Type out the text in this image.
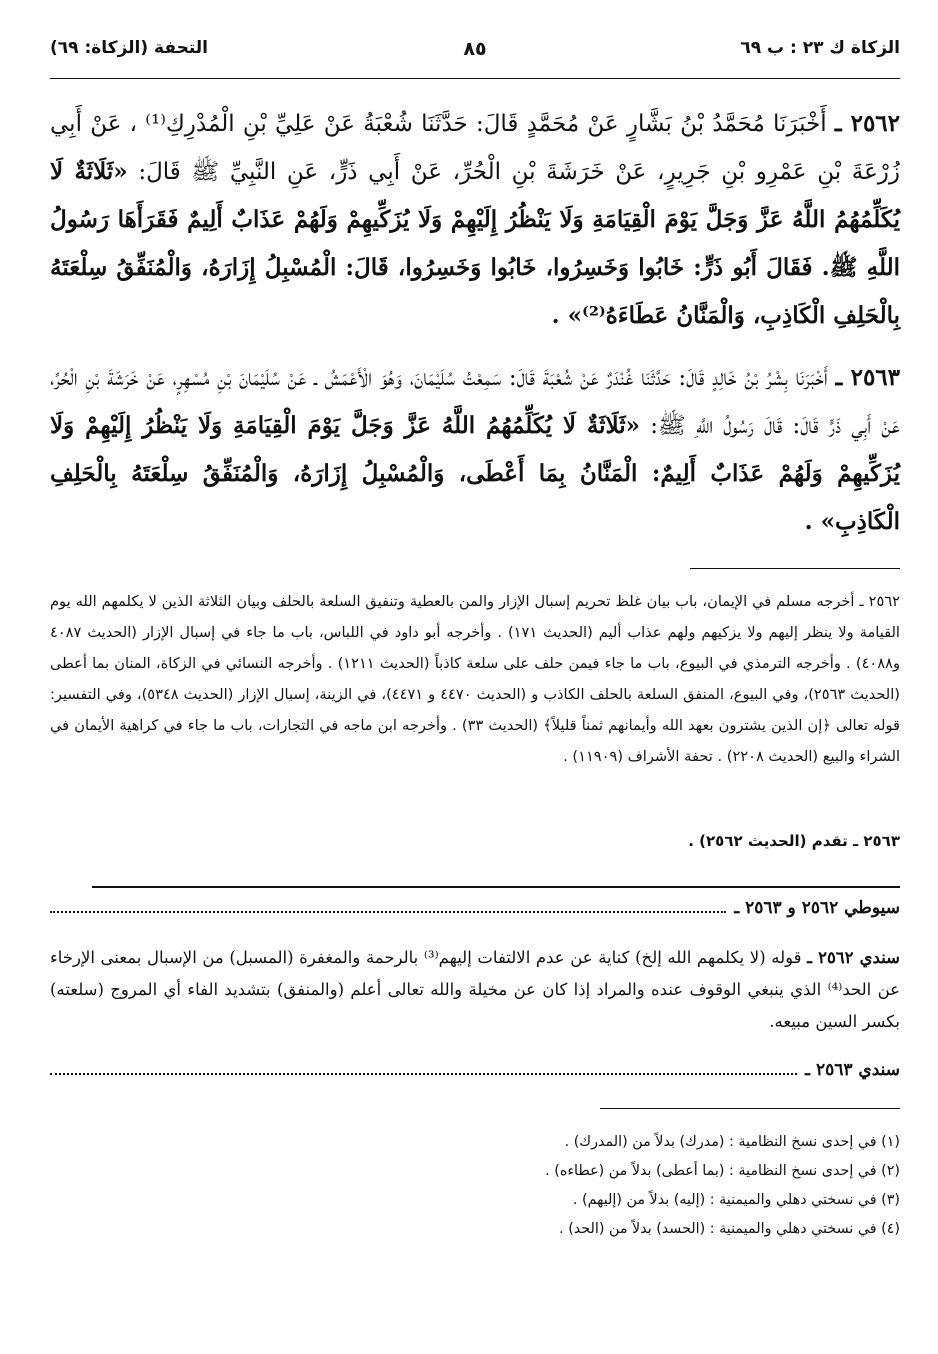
الزكاة ك ٢٣ : ب ٦٩
٨٥
التحفة (الزكاة: ٦٩)

٢٥٦٢ ـ أَخْبَرَنَا مُحَمَّدُ بْنُ بَشَّارٍ عَنْ مُحَمَّدٍ قَالَ: حَدَّثَنَا شُعْبَةُ عَنْ عَلِيِّ بْنِ الْمُدْرِكِ⁽¹⁾ ، عَنْ أَبِي زُرْعَةَ بْنِ عَمْرِو بْنِ جَرِيرٍ، عَنْ خَرَشَةَ بْنِ الْحُرِّ، عَنْ أَبِي ذَرٍّ، عَنِ النَّبِيِّ ﷺ قَالَ: «ثَلَاثَةٌ لَا يُكَلِّمُهُمُ اللَّهُ عَزَّ وَجَلَّ يَوْمَ الْقِيَامَةِ وَلَا يَنْظُرُ إِلَيْهِمْ وَلَا يُزَكِّيهِمْ وَلَهُمْ عَذَابٌ أَلِيمٌ فَقَرَأَهَا رَسُولُ اللَّهِ ﷺ. فَقَالَ أَبُو ذَرٍّ: خَابُوا وَخَسِرُوا، خَابُوا وَخَسِرُوا، قَالَ: الْمُسْبِلُ إِزَارَهُ، وَالْمُنَفِّقُ سِلْعَتَهُ بِالْحَلِفِ الْكَاذِبِ، وَالْمَنَّانُ عَطَاءَهُ⁽²⁾» .

٢٥٦٣ ـ أَخْبَرَنَا بِشْرُ بْنُ خَالِدٍ قَالَ: حَدَّثَنَا غُنْدَرٌ عَنْ شُعْبَةَ قَالَ: سَمِعْتُ سُلَيْمَانَ، وَهُوَ الْأَعْمَشُ ـ عَنْ سُلَيْمَانَ بْنِ مُسْهِرٍ، عَنْ خَرَشَةَ بْنِ الْحُرِّ، عَنْ أَبِي ذَرٍّ قَالَ: قَالَ رَسُولُ اللَّهِ ﷺ: «ثَلَاثَةٌ لَا يُكَلِّمُهُمُ اللَّهُ عَزَّ وَجَلَّ يَوْمَ الْقِيَامَةِ وَلَا يَنْظُرُ إِلَيْهِمْ وَلَا يُزَكِّيهِمْ وَلَهُمْ عَذَابٌ أَلِيمٌ: الْمَنَّانُ بِمَا أَعْطَى، وَالْمُسْبِلُ إِزَارَهُ، وَالْمُنَفِّقُ سِلْعَتَهُ بِالْحَلِفِ الْكَاذِبِ» .

٢٥٦٢ ـ أخرجه مسلم في الإيمان، باب بيان غلظ تحريم إسبال الإزار والمن بالعطية وتنفيق السلعة بالحلف وبيان الثلاثة الذين لا يكلمهم الله يوم القيامة ولا ينظر إليهم ولا يزكيهم ولهم عذاب أليم (الحديث ١٧١) . وأخرجه أبو داود في اللباس، باب ما جاء في إسبال الإزار (الحديث ٤٠٨٧ و٤٠٨٨) . وأخرجه الترمذي في البيوع، باب ما جاء فيمن حلف على سلعة كاذباً (الحديث ١٢١١) . وأخرجه النسائي في الزكاة، المنان بما أعطى (الحديث ٢٥٦٣)، وفي البيوع، المنفق السلعة بالحلف الكاذب و (الحديث ٤٤٧٠ و ٤٤٧١)، في الزينة، إسبال الإزار (الحديث ٥٣٤٨)، وفي التفسير: قوله تعالى ﴿إن الذين يشترون بعهد الله وأيمانهم ثمناً قليلاً﴾ (الحديث ٣٣) . وأخرجه ابن ماجه في التجارات، باب ما جاء في كراهية الأيمان في الشراء والبيع (الحديث ٢٢٠٨) . تحفة الأشراف (١١٩٠٩) .
٢٥٦٣ ـ تقدم (الحديث ٢٥٦٢) .
سيوطي ٢٥٦٢ و ٢٥٦٣ ـ
سندي ٢٥٦٢ ـ قوله (لا يكلمهم الله إلخ) كناية عن عدم الالتفات إليهم⁽³⁾ بالرحمة والمغفرة (المسبل) من الإسبال بمعنى الإرخاء عن الحد⁽⁴⁾ الذي ينبغي الوقوف عنده والمراد إذا كان عن مخيلة والله تعالى أعلم (والمنفق) بتشديد الفاء أي المروج (سلعته) بكسر السين مبيعه.
سندي ٢٥٦٣ ـ
(١) في إحدى نسخ النظامية : (مدرك) بدلاً من (المدرك) .
(٢) في إحدى نسخ النظامية : (بما أعطى) بدلاً من (عطاءه) .
(٣) في نسختي دهلي والميمنية : (إليه) بدلاً من (إليهم) .
(٤) في نسختي دهلي والميمنية : (الحسد) بدلاً من (الحد) .
